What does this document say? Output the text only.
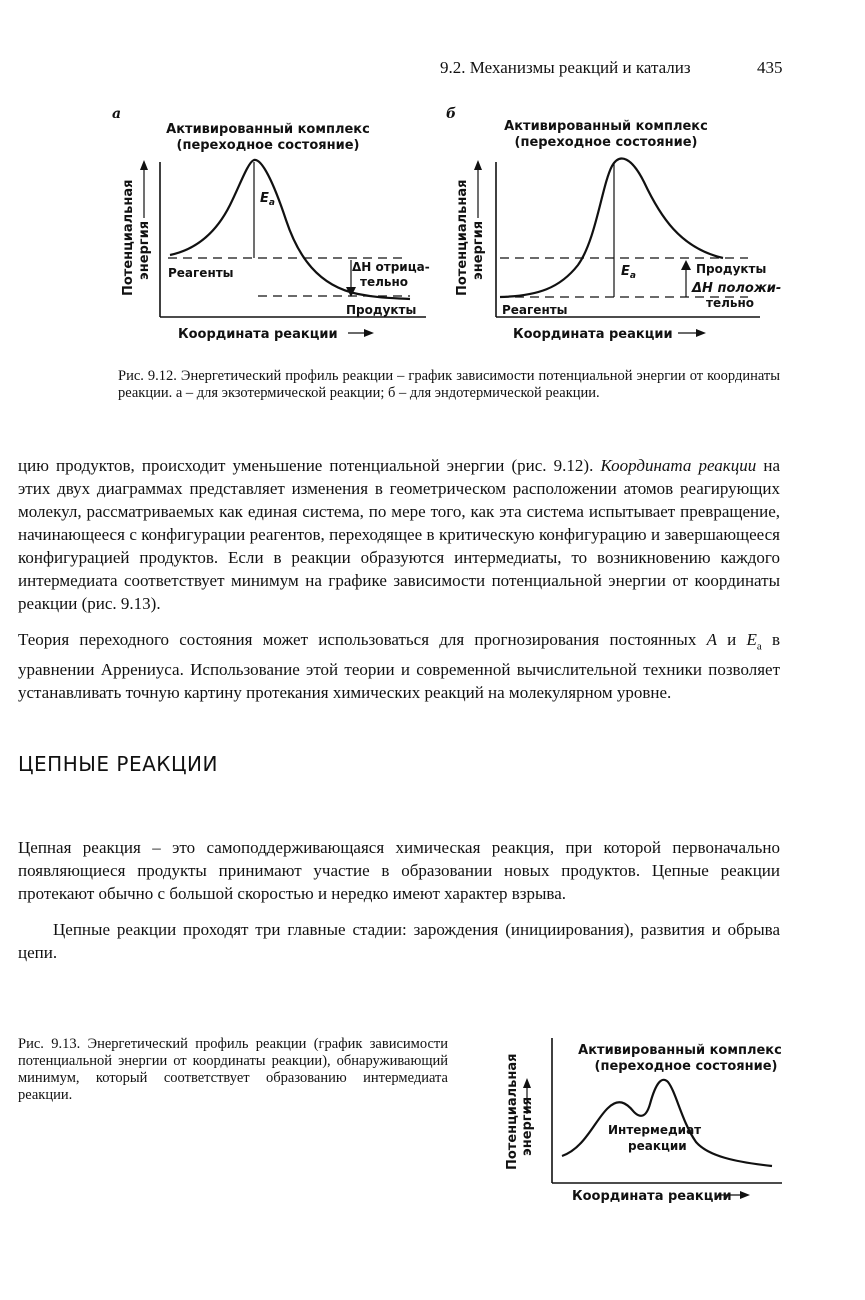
9.2. Механизмы реакций и катализ	435
а
Активированный комплекс
(переходное состояние)
Потенциальная энергия
$E_a$
ΔH отрица-
тельно
Реагенты
Продукты
Координата реакции
б
Активированный комплекс
(переходное состояние)
Потенциальная энергия	$E_a$	Продукты
ΔH положи-
тельно
Реагенты
Координата реакции
Рис. 9.12. Энергетический профиль реакции – график зависимости потенциальной энергии от координаты реакции. а – для экзотермической реакции; б – для эндотермической реакции.

цию продуктов, происходит уменьшение потенциальной энергии (рис. 9.12). Координата реакции на этих двух диаграммах представляет изменения в геометрическом расположении атомов реагирующих молекул, рассматриваемых как единая система, по мере того, как эта система испытывает превращение, начинающееся с конфигурации реагентов, переходящее в критическую конфигурацию и завершающееся конфигурацией продуктов. Если в реакции образуются интермедиаты, то возникновению каждого интермедиата соответствует минимум на графике зависимости потенциальной энергии от координаты реакции (рис. 9.13).

Теория переходного состояния может использоваться для прогнозирования постоянных A и $E_a$ в уравнении Аррениуса. Использование этой теории и современной вычислительной техники позволяет устанавливать точную картину протекания химических реакций на молекулярном уровне.

ЦЕПНЫЕ РЕАКЦИИ

Цепная реакция – это самоподдерживающаяся химическая реакция, при которой первоначально появляющиеся продукты принимают участие в образовании новых продуктов. Цепные реакции протекают обычно с большой скоростью и нередко имеют характер взрыва.

Цепные реакции проходят три главные стадии: зарождения (инициирования), развития и обрыва цепи.

Рис. 9.13. Энергетический профиль реакции (график зависимости потенциальной энергии от координаты реакции), обнаруживающий минимум, который соответствует образованию интермедиата реакции.	Потенциальная энергия
Активированный комплекс
(переходное состояние)
Интермедиат
реакции
Координата реакции
